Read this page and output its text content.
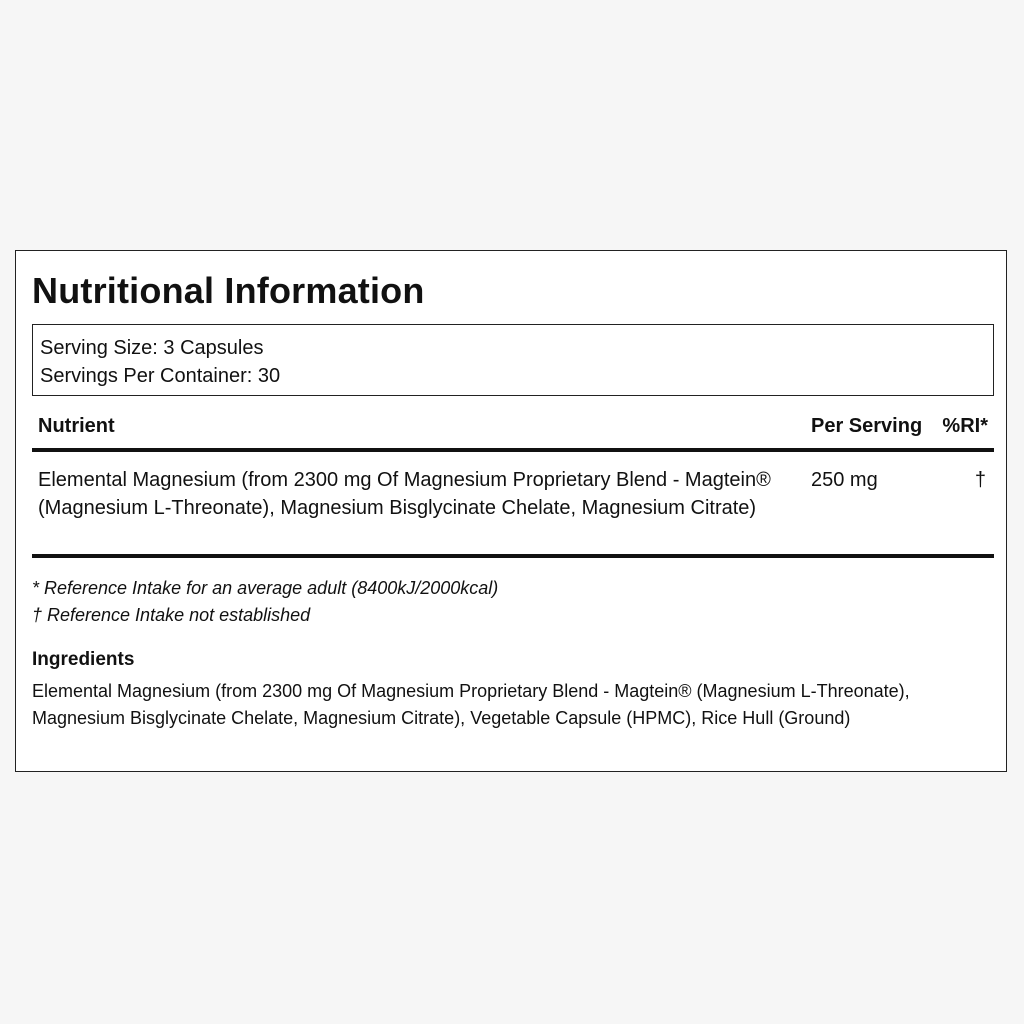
Nutritional Information
Serving Size: 3 Capsules
Servings Per Container: 30
Nutrient	Per Serving %RI*
Elemental Magnesium (from 2300 mg Of Magnesium Proprietary Blend - Magtein® (Magnesium L-Threonate), Magnesium Bisglycinate Chelate, Magnesium Citrate)
250 mg	†
* Reference Intake for an average adult (8400kJ/2000kcal)
† Reference Intake not established
Ingredients

Elemental Magnesium (from 2300 mg Of Magnesium Proprietary Blend - Magtein® (Magnesium L-Threonate), Magnesium Bisglycinate Chelate, Magnesium Citrate), Vegetable Capsule (HPMC), Rice Hull (Ground)
